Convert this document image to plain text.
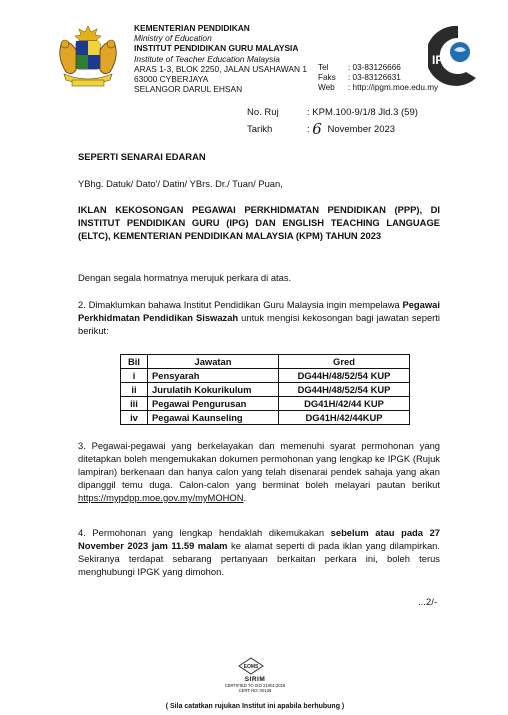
KEMENTERIAN PENDIDIKAN
Ministry of Education
INSTITUT PENDIDIKAN GURU MALAYSIA
Institute of Teacher Education Malaysia
ARAS 1-3, BLOK 2250, JALAN USAHAWAN 1
63000 CYBERJAYA
SELANGOR DARUL EHSAN
Tel	: 03-83126666
Faks	: 03-83126631
Web	: http://ipgm.moe.edu.my
IPG
No. Ruj	: KPM.100-9/1/8 Jld.3 (59)
Tarikh	: 6 November 2023
SEPERTI SENARAI EDARAN
YBhg. Datuk/ Dato'/ Datin/ YBrs. Dr./ Tuan/ Puan,
IKLAN KEKOSONGAN PEGAWAI PERKHIDMATAN PENDIDIKAN (PPP), DI INSTITUT PENDIDIKAN GURU (IPG) DAN ENGLISH TEACHING LANGUAGE (ELTC), KEMENTERIAN PENDIDIKAN MALAYSIA (KPM) TAHUN 2023
Dengan segala hormatnya merujuk perkara di atas.
2. Dimaklumkan bahawa Institut Pendidikan Guru Malaysia ingin mempelawa Pegawai Perkhidmatan Pendidikan Siswazah untuk mengisi kekosongan bagi jawatan seperti berikut:
Bil	Jawatan	Gred
i	Pensyarah	DG44H/48/52/54 KUP
ii	Jurulatih Kokurikulum	DG44H/48/52/54 KUP
iii	Pegawai Pengurusan	DG41H/42/44 KUP
iv	Pegawai Kaunseling	DG41H/42/44KUP
3. Pegawai-pegawai yang berkelayakan dan memenuhi syarat permohonan yang ditetapkan boleh mengemukakan dokumen permohonan yang lengkap ke IPGK (Rujuk lampiran) berkenaan dan hanya calon yang telah disenarai pendek sahaja yang akan dipanggil temu duga. Calon-calon yang berminat boleh melayari pautan berikut https://mypdpp.moe.gov.my/myMOHON.
4. Permohonan yang lengkap hendaklah dikemukakan sebelum atau pada 27 November 2023 jam 11.59 malam ke alamat seperti di pada iklan yang dilampirkan. Sekiranya terdapat sebarang pertanyaan berkaitan perkara ini, boleh terus menghubungi IPGK yang dimohon.
...2/-
EOMS
SIRIM
CERTIFIED TO ISO 21001:2018
CERT NO: 00136
( Sila catatkan rujukan Institut ini apabila berhubung )
